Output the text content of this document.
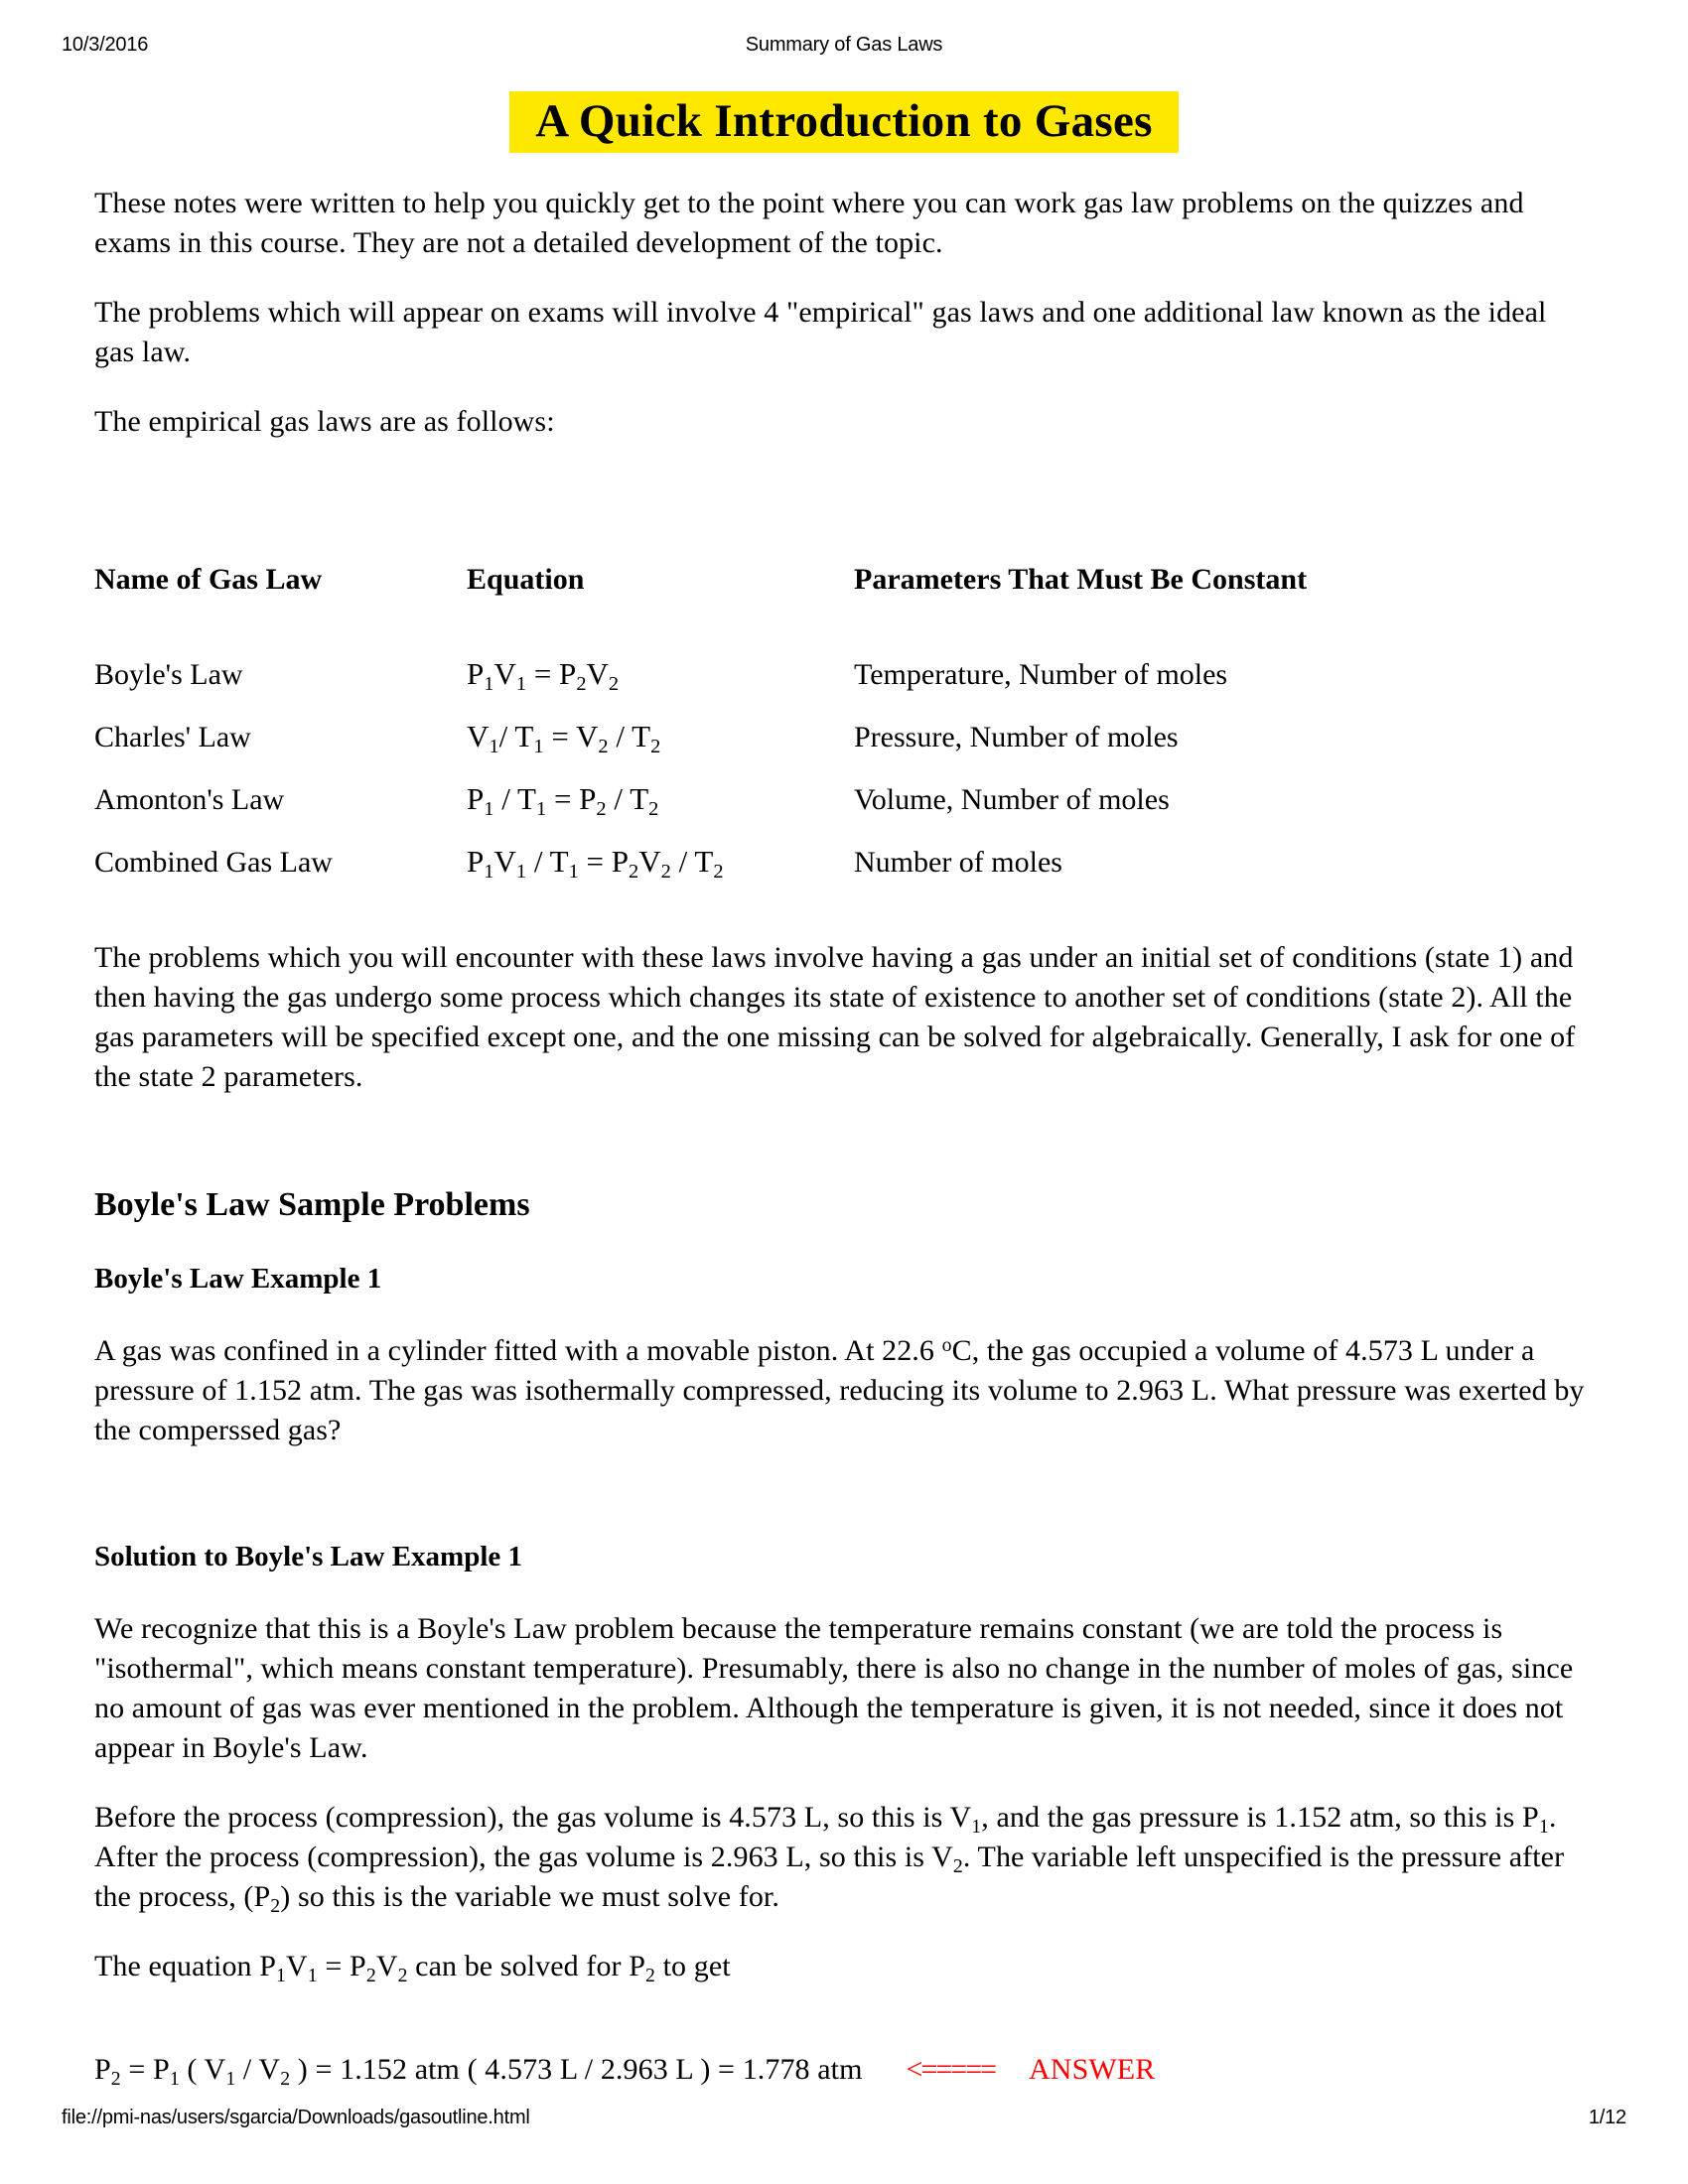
10/3/2016	Summary of Gas Laws
A Quick Introduction to Gases

These notes were written to help you quickly get to the point where you can work gas law problems on the quizzes and exams in this course. They are not a detailed development of the topic.

The problems which will appear on exams will involve 4 "empirical" gas laws and one additional law known as the ideal gas law.

The empirical gas laws are as follows:

Name of Gas Law	Equation	Parameters That Must Be Constant
Boyle's Law	$P_1V_1 = P_2V_2$	Temperature, Number of moles
Charles' Law	$V_1/$ $T_1 = V_2 / T_2$	Pressure, Number of moles
Amonton's Law	$P_1 / T_1 = P_2 / T_2$	Volume, Number of moles
Combined Gas Law	$P_1V_1 / T_1 = P_2V_2 / T_2$	Number of moles

The problems which you will encounter with these laws involve having a gas under an initial set of conditions (state 1) and then having the gas undergo some process which changes its state of existence to another set of conditions (state 2). All the gas parameters will be specified except one, and the one missing can be solved for algebraically. Generally, I ask for one of the state 2 parameters.

Boyle's Law Sample Problems
Boyle's Law Example 1

A gas was confined in a cylinder fitted with a movable piston. At 22.6 $^o$C, the gas occupied a volume of 4.573 L under a pressure of 1.152 atm. The gas was isothermally compressed, reducing its volume to 2.963 L. What pressure was exerted by the comperssed gas?

Solution to Boyle's Law Example 1

We recognize that this is a Boyle's Law problem because the temperature remains constant (we are told the process is "isothermal", which means constant temperature). Presumably, there is also no change in the number of moles of gas, since no amount of gas was ever mentioned in the problem. Although the temperature is given, it is not needed, since it does not appear in Boyle's Law.

Before the process (compression), the gas volume is 4.573 L, so this is $V_1$, and the gas pressure is 1.152 atm, so this is $P_1$. After the process (compression), the gas volume is 2.963 L, so this is $V_2$. The variable left unspecified is the pressure after the process, $(P_2)$ so this is the variable we must solve for.

The equation $P_1V_1 = P_2V_2$ can be solved for $P_2$ to get

$P_2 = P_1$ ( $V_1 / V_2$ ) = 1.152 atm ( 4.573 L / 2.963 L ) = 1.778 atm <===== ANSWER

file://pmi-nas/users/sgarcia/Downloads/gasoutline.html	1/12
